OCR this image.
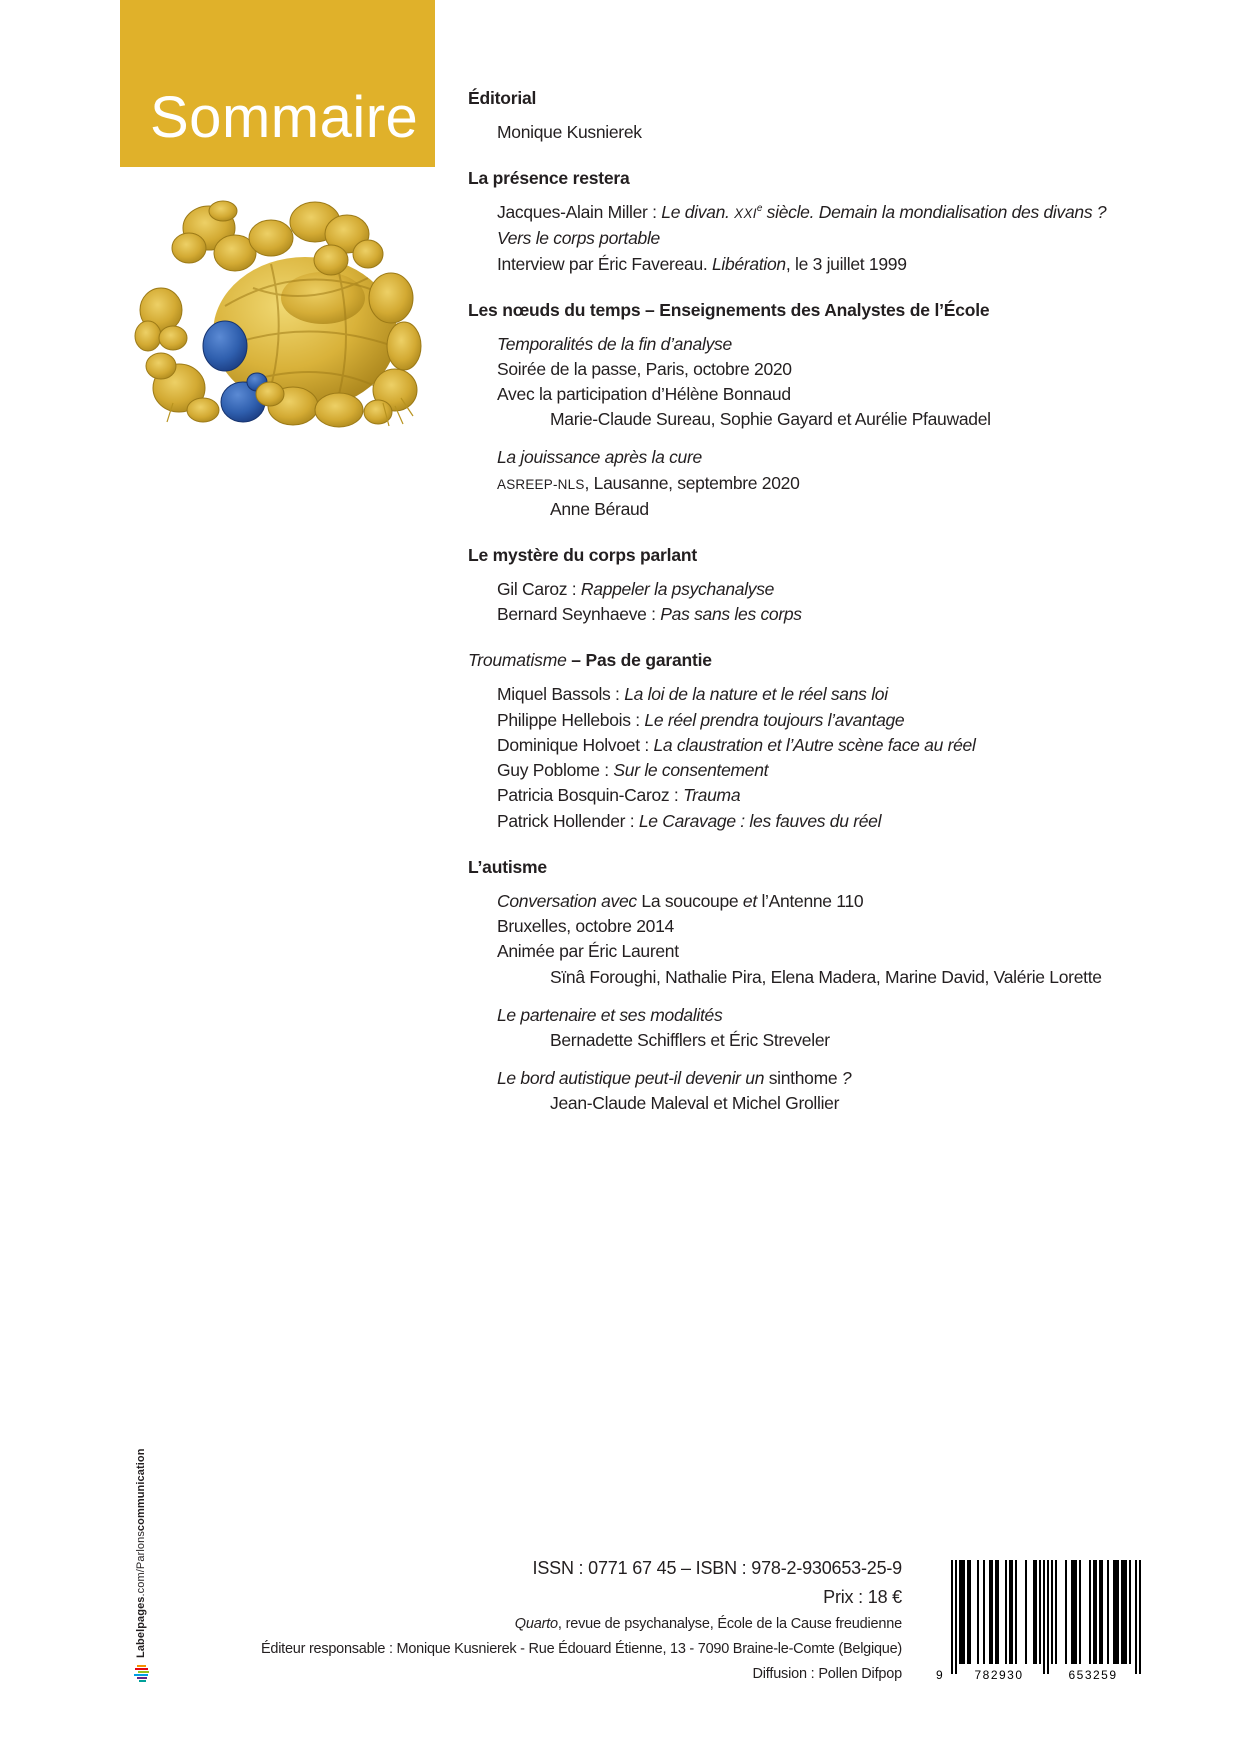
Sommaire	Éditorial
Monique Kusnierek
La présence restera
Jacques-Alain Miller : Le divan. XXIe siècle. Demain la mondialisation des divans ?
Vers le corps portable
Interview par Éric Favereau. Libération, le 3 juillet 1999
Les nœuds du temps – Enseignements des Analystes de l’École
Temporalités de la fin d’analyse
Soirée de la passe, Paris, octobre 2020
Avec la participation d’Hélène Bonnaud
Marie-Claude Sureau, Sophie Gayard et Aurélie Pfauwadel
La jouissance après la cure
ASREEP-NLS, Lausanne, septembre 2020
Anne Béraud
Le mystère du corps parlant
Gil Caroz : Rappeler la psychanalyse
Bernard Seynhaeve : Pas sans les corps
Troumatisme – Pas de garantie
Miquel Bassols : La loi de la nature et le réel sans loi
Philippe Hellebois : Le réel prendra toujours l’avantage
Dominique Holvoet : La claustration et l’Autre scène face au réel
Guy Poblome : Sur le consentement
Patricia Bosquin-Caroz : Trauma
Patrick Hollender : Le Caravage : les fauves du réel
L’autisme
Conversation avec La soucoupe et l’Antenne 110
Bruxelles, octobre 2014
Animée par Éric Laurent
Sïnâ Foroughi, Nathalie Pira, Elena Madera, Marine David, Valérie Lorette
Le partenaire et ses modalités
Bernadette Schifflers et Éric Streveler
Le bord autistique peut-il devenir un sinthome ?
Jean-Claude Maleval et Michel Grollier
ISSN : 0771 67 45 – ISBN : 978-2-930653-25-9
Prix : 18 €
Quarto, revue de psychanalyse, École de la Cause freudienne
Éditeur responsable : Monique Kusnierek - Rue Édouard Étienne, 13 - 7090 Braine-le-Comte (Belgique)
Diffusion : Pollen Difpop	9	782930	653259
Labelpages.com/Parlonscommunication
